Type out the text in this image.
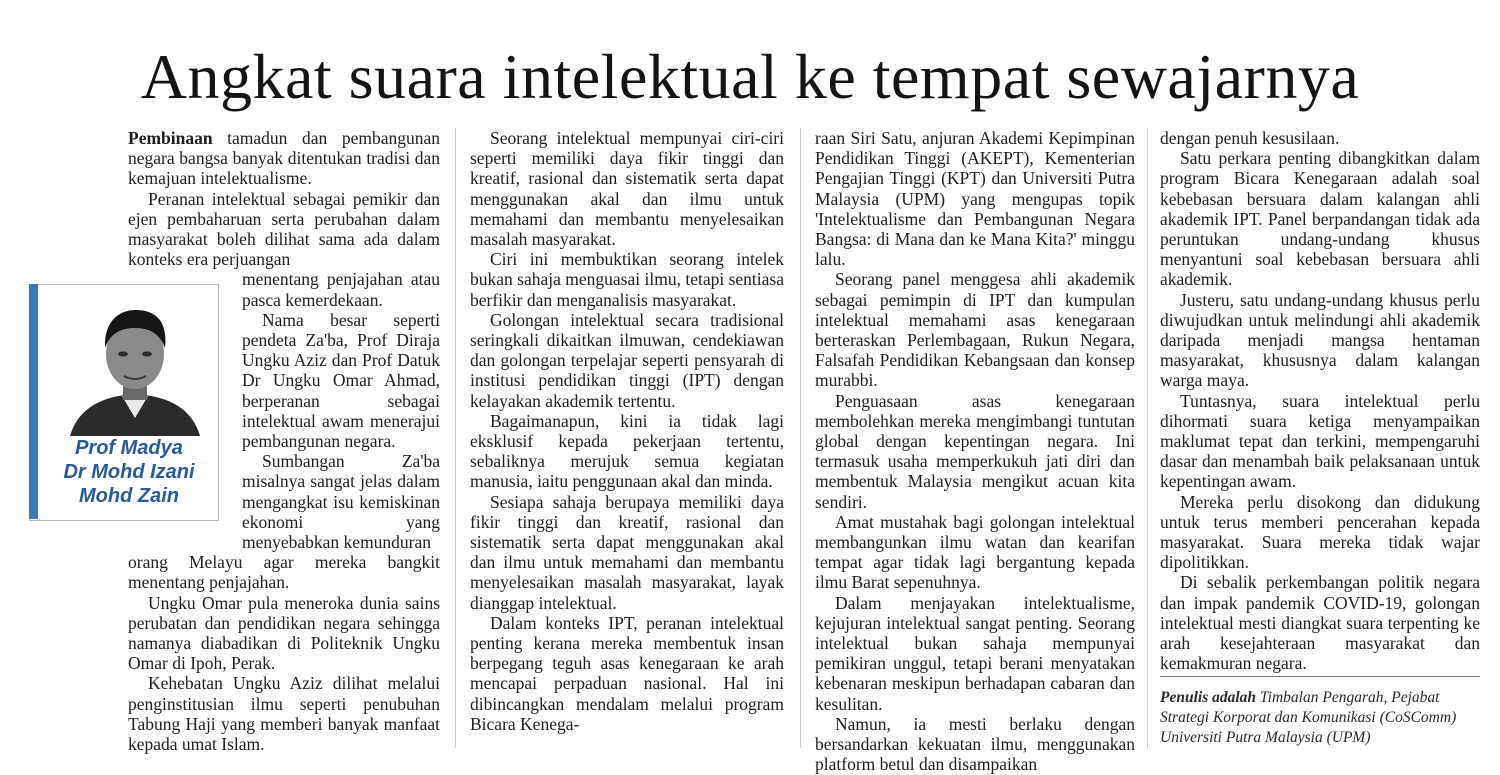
Angkat suara intelektual ke tempat sewajarnya

Pembinaan tamadun dan pembangunan negara bangsa banyak ditentukan tradisi dan kemajuan intelektualisme.

Peranan intelektual sebagai pemikir dan ejen pembaharuan serta perubahan dalam masyarakat boleh dilihat sama ada dalam konteks era perjuangan

menentang penjajahan atau pasca kemerdekaan.

Nama besar seperti pendeta Za'ba, Prof Diraja Ungku Aziz dan Prof Datuk Dr Ungku Omar Ahmad, berperanan sebagai intelektual awam menerajui pembangunan negara.

Sumbangan Za'ba misalnya sangat jelas dalam mengangkat isu kemiskinan ekonomi yang menyebabkan kemunduran

orang Melayu agar mereka bangkit menentang penjajahan.

Ungku Omar pula meneroka dunia sains perubatan dan pendidikan negara sehingga namanya diabadikan di Politeknik Ungku Omar di Ipoh, Perak.

Kehebatan Ungku Aziz dilihat melalui penginstitusian ilmu seperti penubuhan Tabung Haji yang memberi banyak manfaat kepada umat Islam.

Prof Madya
Dr Mohd Izani
Mohd Zain

Seorang intelektual mempunyai ciri-ciri seperti memiliki daya fikir tinggi dan kreatif, rasional dan sistematik serta dapat menggunakan akal dan ilmu untuk memahami dan membantu menyelesaikan masalah masyarakat.

Ciri ini membuktikan seorang intelek bukan sahaja menguasai ilmu, tetapi sentiasa berfikir dan menganalisis masyarakat.

Golongan intelektual secara tradisional seringkali dikaitkan ilmuwan, cendekiawan dan golongan terpelajar seperti pensyarah di institusi pendidikan tinggi (IPT) dengan kelayakan akademik tertentu.

Bagaimanapun, kini ia tidak lagi eksklusif kepada pekerjaan tertentu, sebaliknya merujuk semua kegiatan manusia, iaitu penggunaan akal dan minda.

Sesiapa sahaja berupaya memiliki daya fikir tinggi dan kreatif, rasional dan sistematik serta dapat menggunakan akal dan ilmu untuk memahami dan membantu menyelesaikan masalah masyarakat, layak dianggap intelektual.

Dalam konteks IPT, peranan intelektual penting kerana mereka membentuk insan berpegang teguh asas kenegaraan ke arah mencapai perpaduan nasional. Hal ini dibincangkan mendalam melalui program Bicara Kenega-

raan Siri Satu, anjuran Akademi Kepimpinan Pendidikan Tinggi (AKEPT), Kementerian Pengajian Tinggi (KPT) dan Universiti Putra Malaysia (UPM) yang mengupas topik 'Intelektualisme dan Pembangunan Negara Bangsa: di Mana dan ke Mana Kita?' minggu lalu.

Seorang panel menggesa ahli akademik sebagai pemimpin di IPT dan kumpulan intelektual memahami asas kenegaraan berteraskan Perlembagaan, Rukun Negara, Falsafah Pendidikan Kebangsaan dan konsep murabbi.

Penguasaan asas kenegaraan membolehkan mereka mengimbangi tuntutan global dengan kepentingan negara. Ini termasuk usaha memperkukuh jati diri dan membentuk Malaysia mengikut acuan kita sendiri.

Amat mustahak bagi golongan intelektual membangunkan ilmu watan dan kearifan tempat agar tidak lagi bergantung kepada ilmu Barat sepenuhnya.

Dalam menjayakan intelektualisme, kejujuran intelektual sangat penting. Seorang intelektual bukan sahaja mempunyai pemikiran unggul, tetapi berani menyatakan kebenaran meskipun berhadapan cabaran dan kesulitan.

Namun, ia mesti berlaku dengan bersandarkan kekuatan ilmu, menggunakan platform betul dan disampaikan

dengan penuh kesusilaan.

Satu perkara penting dibangkitkan dalam program Bicara Kenegaraan adalah soal kebebasan bersuara dalam kalangan ahli akademik IPT. Panel berpandangan tidak ada peruntukan undang-undang khusus menyantuni soal kebebasan bersuara ahli akademik.

Justeru, satu undang-undang khusus perlu diwujudkan untuk melindungi ahli akademik daripada menjadi mangsa hentaman masyarakat, khususnya dalam kalangan warga maya.

Tuntasnya, suara intelektual perlu dihormati suara ketiga menyampaikan maklumat tepat dan terkini, mempengaruhi dasar dan menambah baik pelaksanaan untuk kepentingan awam.

Mereka perlu disokong dan didukung untuk terus memberi pencerahan kepada masyarakat. Suara mereka tidak wajar dipolitikkan.

Di sebalik perkembangan politik negara dan impak pandemik COVID-19, golongan intelektual mesti diangkat suara terpenting ke arah kesejahteraan masyarakat dan kemakmuran negara.

Penulis adalah Timbalan Pengarah, Pejabat Strategi Korporat dan Komunikasi (CoSComm) Universiti Putra Malaysia (UPM)
